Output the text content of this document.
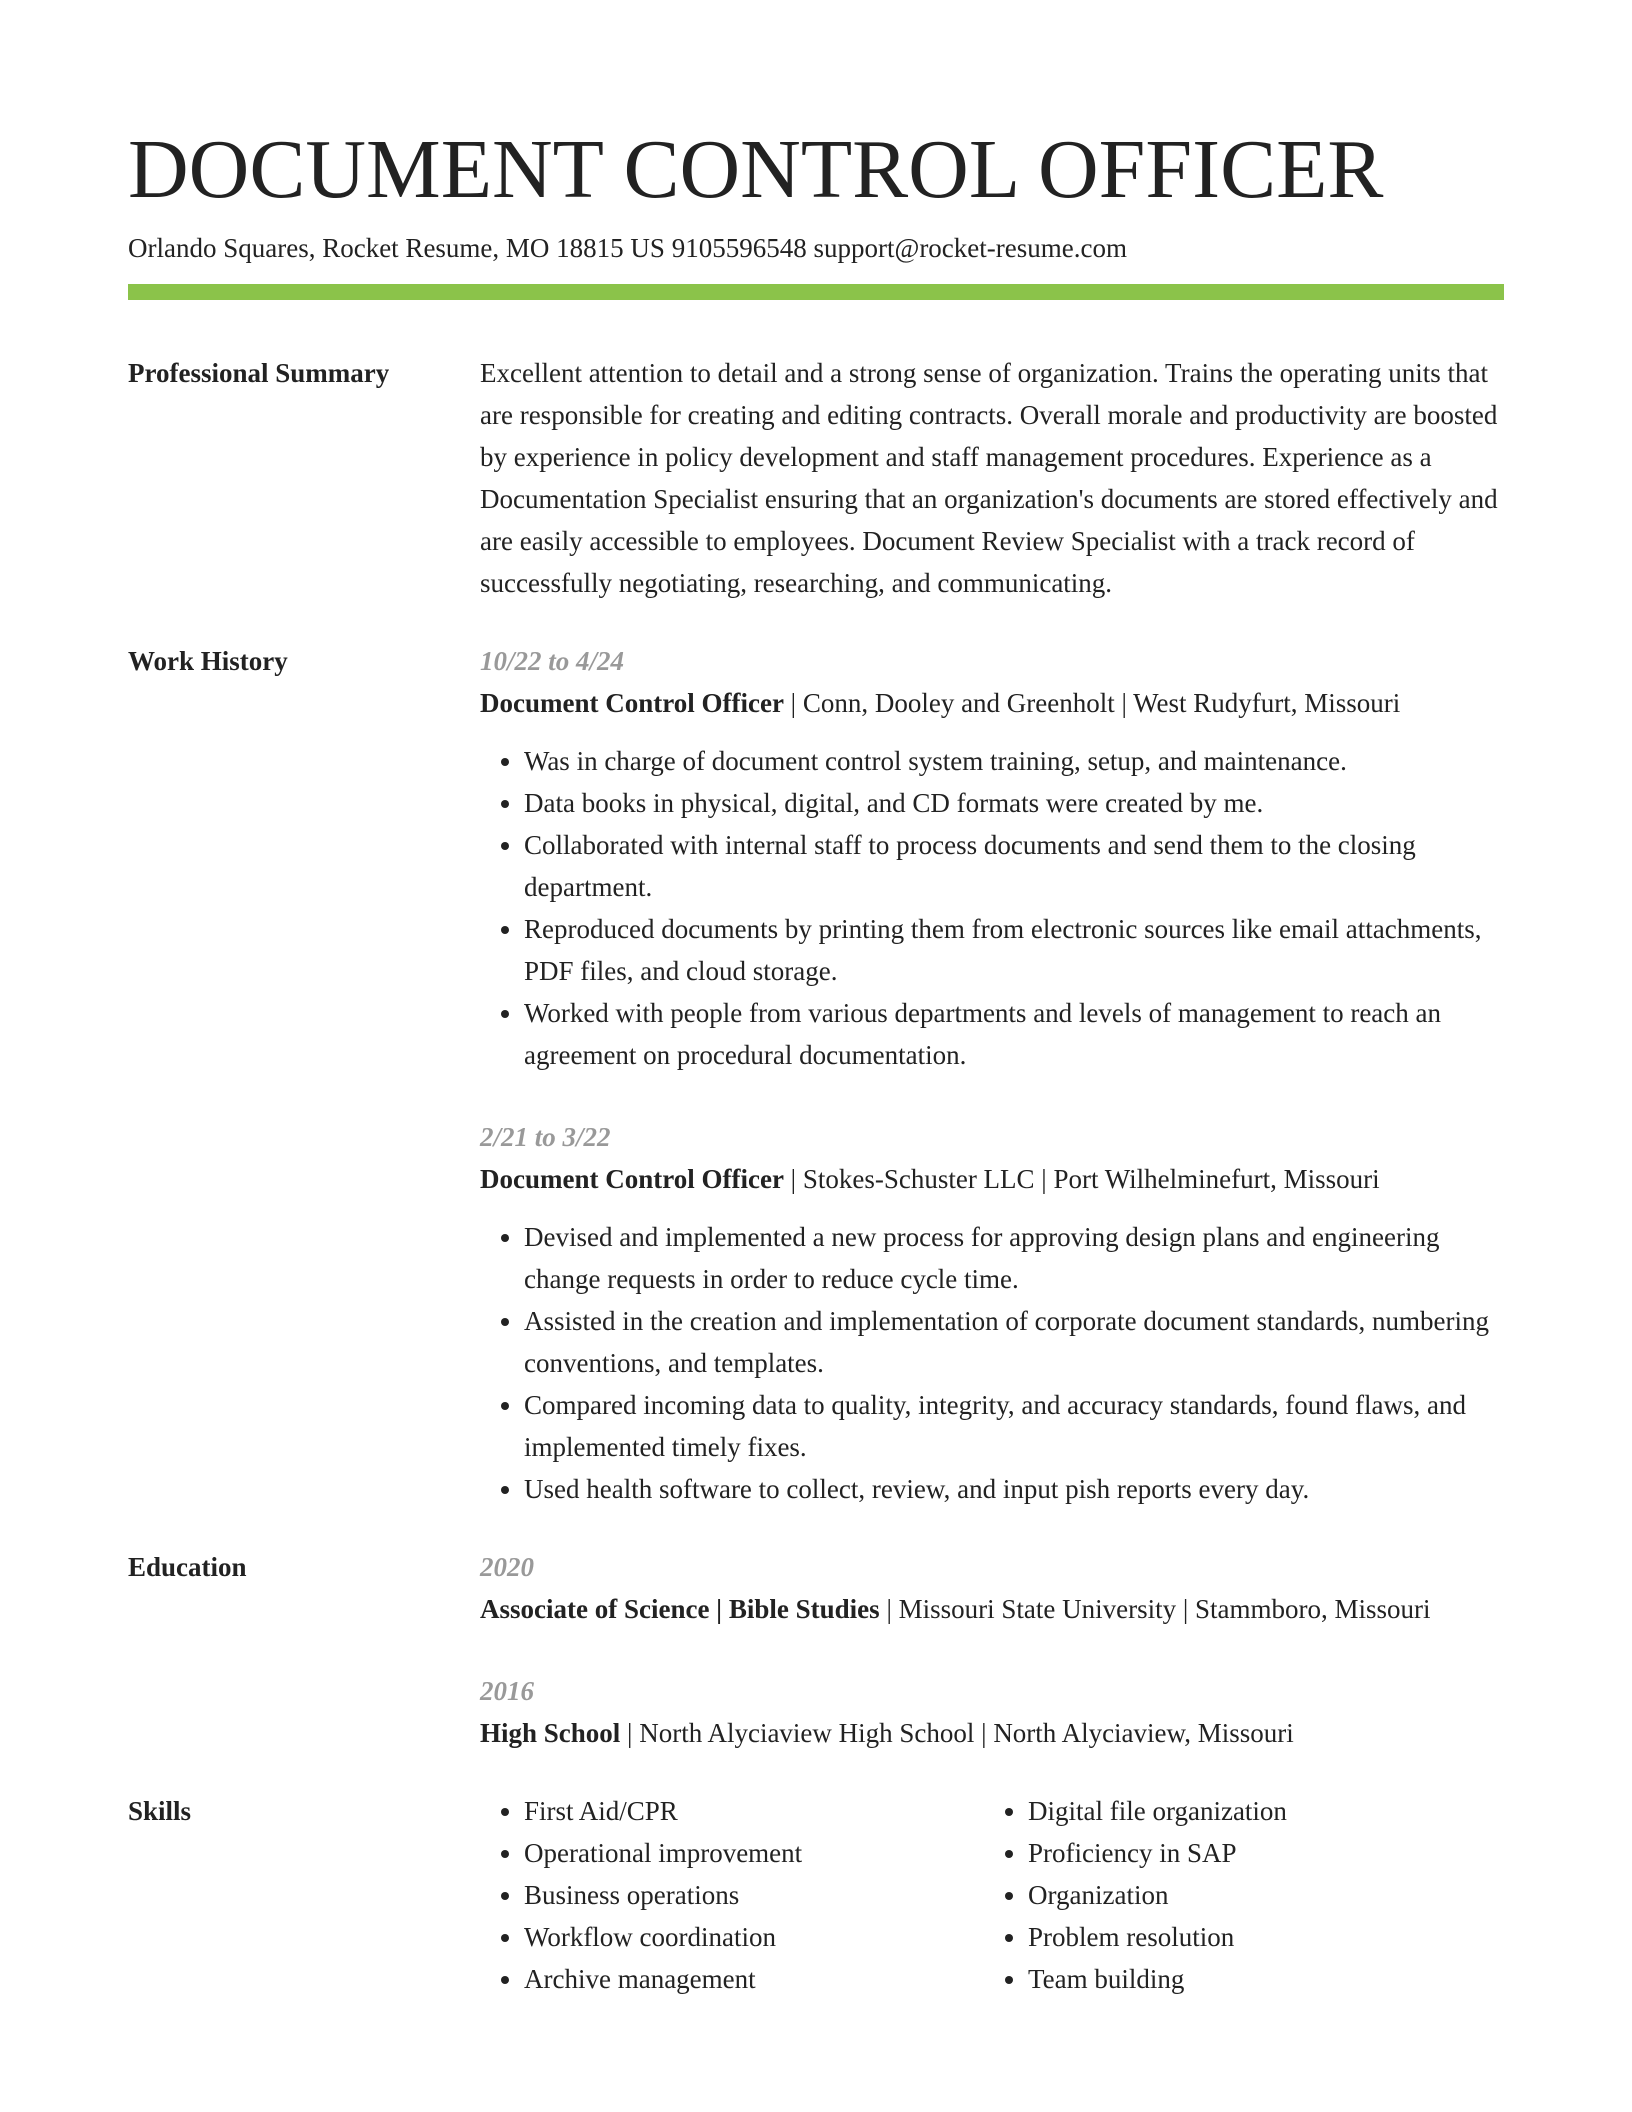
DOCUMENT CONTROL OFFICER
Orlando Squares, Rocket Resume, MO 18815 US 9105596548 support@rocket-resume.com
Professional Summary	Excellent attention to detail and a strong sense of organization. Trains the operating units that are responsible for creating and editing contracts. Overall morale and productivity are boosted by experience in policy development and staff management procedures. Experience as a Documentation Specialist ensuring that an organization's documents are stored effectively and are easily accessible to employees. Document Review Specialist with a track record of successfully negotiating, researching, and communicating.

Work History	10/22 to 4/24
Document Control Officer | Conn, Dooley and Greenholt | West Rudyfurt, Missouri
• Was in charge of document control system training, setup, and maintenance.
• Data books in physical, digital, and CD formats were created by me.
• Collaborated with internal staff to process documents and send them to the closing department.
• Reproduced documents by printing them from electronic sources like email attachments, PDF files, and cloud storage.
• Worked with people from various departments and levels of management to reach an agreement on procedural documentation.
2/21 to 3/22
Document Control Officer | Stokes-Schuster LLC | Port Wilhelminefurt, Missouri
• Devised and implemented a new process for approving design plans and engineering change requests in order to reduce cycle time.
• Assisted in the creation and implementation of corporate document standards, numbering conventions, and templates.
• Compared incoming data to quality, integrity, and accuracy standards, found flaws, and implemented timely fixes.
• Used health software to collect, review, and input pish reports every day.
Education	2020
Associate of Science | Bible Studies | Missouri State University | Stammboro, Missouri
2016
High School | North Alyciaview High School | North Alyciaview, Missouri
Skills
•	First Aid/CPR
• Operational improvement
• Business operations
• Workflow coordination
• Archive management
• Digital file organization
• Proficiency in SAP
• Organization
• Problem resolution
• Team building
